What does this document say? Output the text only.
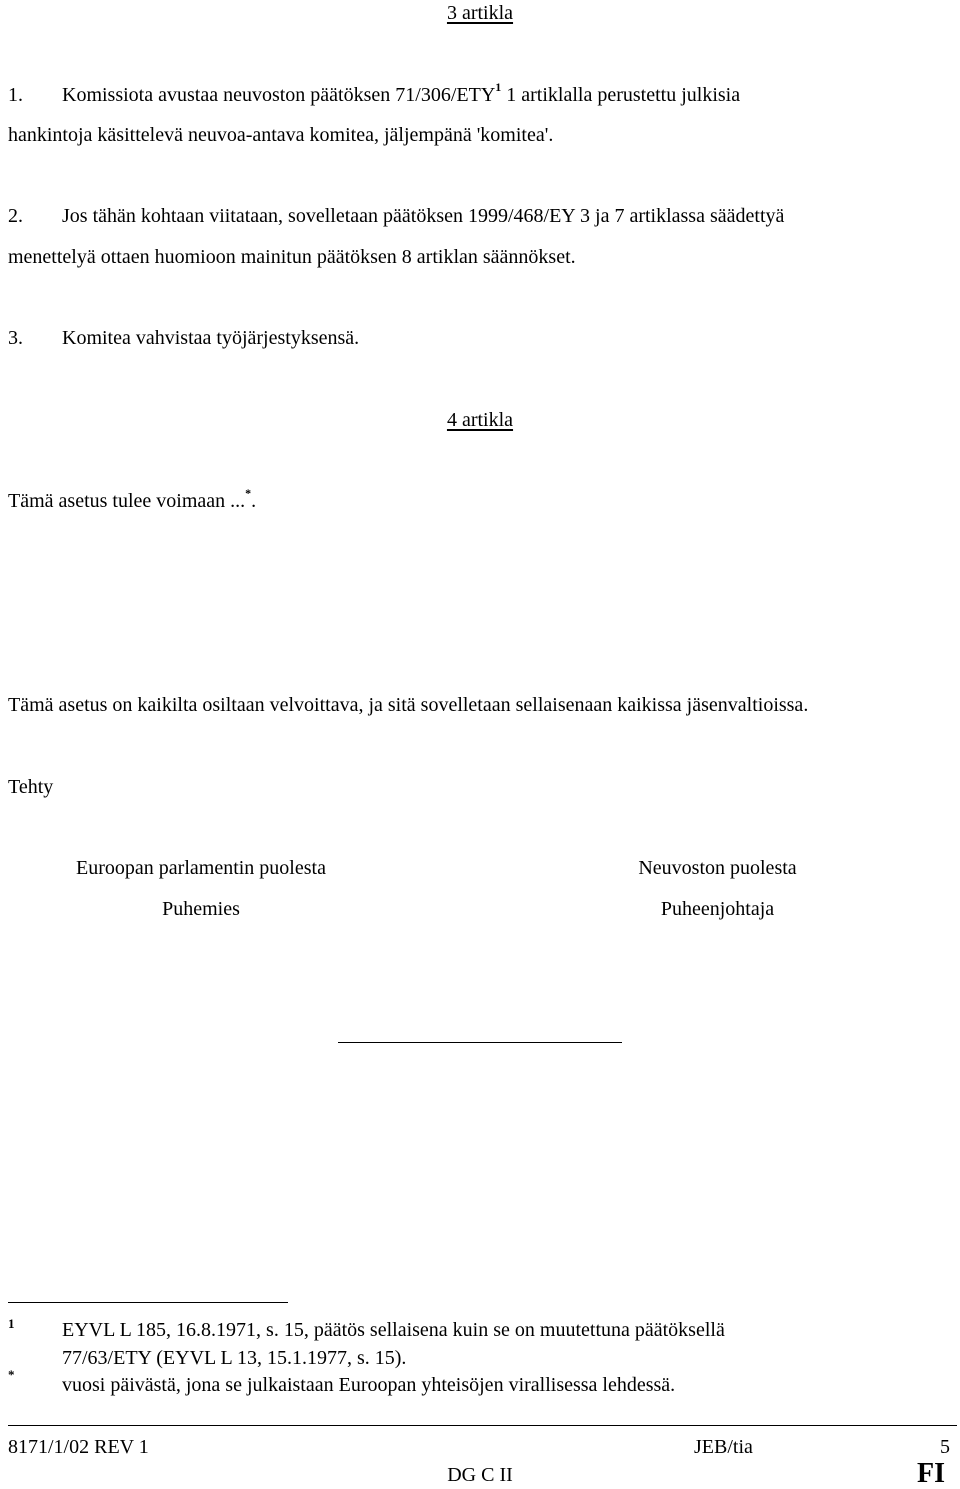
3 artikla
1. Komissiota avustaa neuvoston päätöksen 71/306/ETY$^1$ 1 artiklalla perustettu julkisia
hankintoja käsittelevä neuvoa-antava komitea, jäljempänä 'komitea'.
2. Jos tähän kohtaan viitataan, sovelletaan päätöksen 1999/468/EY 3 ja 7 artiklassa säädettyä
menettelyä ottaen huomioon mainitun päätöksen 8 artiklan säännökset.
3. Komitea vahvistaa työjärjestyksensä.
4 artikla
Tämä asetus tulee voimaan ...*.
Tämä asetus on kaikilta osiltaan velvoittava, ja sitä sovelletaan sellaisenaan kaikissa jäsenvaltioissa.
Tehty
Euroopan parlamentin puolesta
Puhemies
Neuvoston puolesta
Puheenjohtaja
1 EYVL L 185, 16.8.1971, s. 15, päätös sellaisena kuin se on muutettuna päätöksellä
77/63/ETY (EYVL L 13, 15.1.1977, s. 15).
* vuosi päivästä, jona se julkaistaan Euroopan yhteisöjen virallisessa lehdessä.
8171/1/02 REV 1	JEB/tia	5
DG C II	FI
